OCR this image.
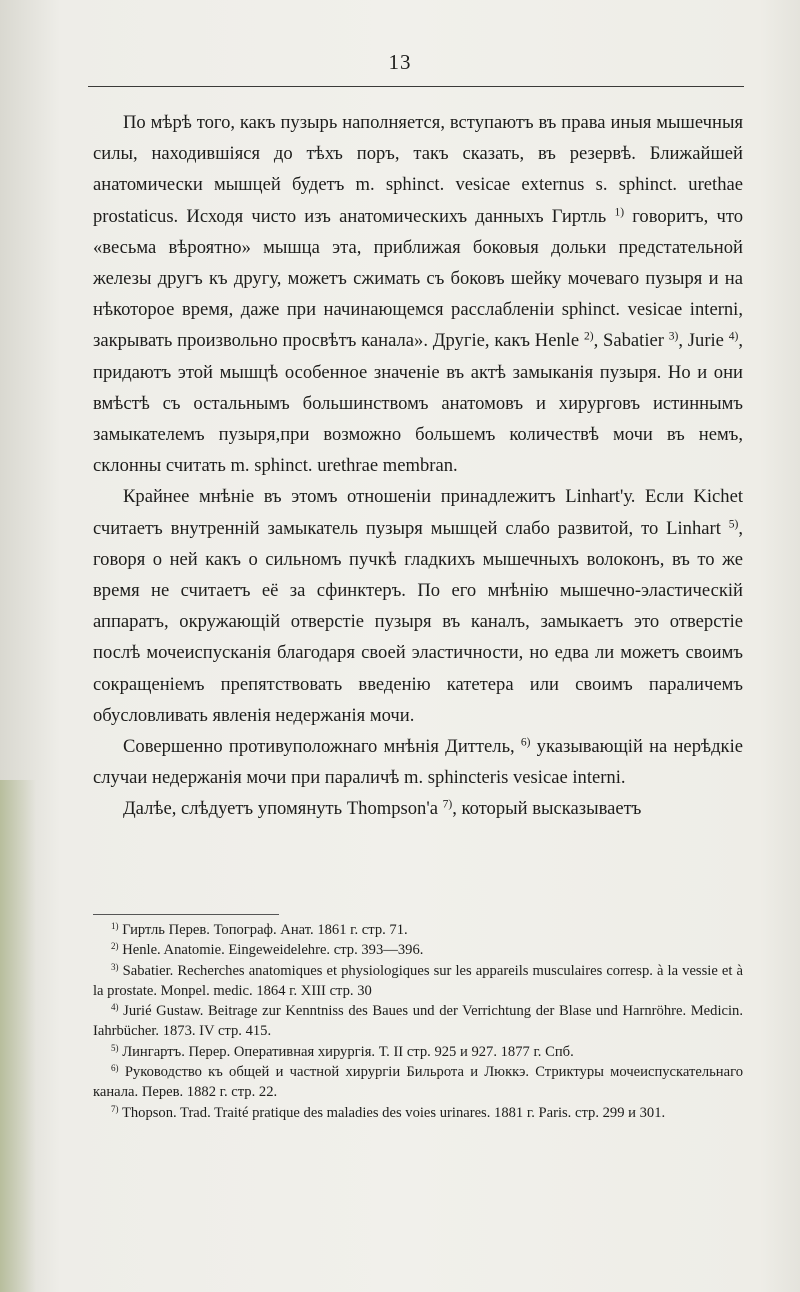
13

По мѣрѣ того, какъ пузырь наполняется, вступаютъ въ права иныя мышечныя силы, находившіяся до тѣхъ поръ, такъ сказать, въ резервѣ. Ближайшей анатомически мышцей будетъ m. sphinct. vesicae externus s. sphinct. urethae prostaticus. Исходя чисто изъ анатомическихъ данныхъ Гиртль $^{1)}$ говоритъ, что «весьма вѣроятно» мышца эта, приближая боковыя дольки предстательной железы другъ къ другу, можетъ сжимать съ боковъ шейку мочеваго пузыря и на нѣкоторое время, даже при начинающемся расслабленіи sphinct. vesicae interni, закрывать произвольно просвѣтъ канала». Другіе, какъ Henle $^{2)}$, Sabatier $^{3)}$, Jurie $^{4)}$, придаютъ этой мышцѣ особенное значеніе въ актѣ замыканія пузыря. Но и они вмѣстѣ съ остальнымъ большинствомъ анатомовъ и хирурговъ истиннымъ замыкателемъ пузыря,при возможно большемъ количествѣ мочи въ немъ, склонны считать m. sphinct. urethrae membran.

Крайнее мнѣніе въ этомъ отношеніи принадлежитъ Linhart'у. Если Kichet считаетъ внутренній замыкатель пузыря мышцей слабо развитой, то Linhart $^{5)}$, говоря о ней какъ о сильномъ пучкѣ гладкихъ мышечныхъ волоконъ, въ то же время не считаетъ её за сфинктеръ. По его мнѣнію мышечно-эластическій аппаратъ, окружающій отверстіе пузыря въ каналъ, замыкаетъ это отверстіе послѣ мочеиспусканія благодаря своей эластичности, но едва ли можетъ своимъ сокращеніемъ препятствовать введенію катетера или своимъ параличемъ обусловливать явленія недержанія мочи.

Совершенно противуположнаго мнѣнія Диттель, $^{6)}$ указывающій на нерѣдкіе случаи недержанія мочи при параличѣ m. sphincteris vesicae interni.

Далѣе, слѣдуетъ упомянуть Thompson'а $^{7)}$, который высказываетъ

$^{1)}$ Гиртль Перев. Топограф. Анат. 1861 г. стр. 71.

$^{2)}$ Henle. Anatomie. Eingeweidelehre. стр. 393—396.

$^{3)}$ Sabatier. Recherches anatomiques et physiologiques sur les appareils musculaires corresp. à la vessie et à la prostate. Monpel. medic. 1864 г. XIII стр. 30

$^{4)}$ Jurié Gustaw. Beitrage zur Kenntniss des Baues und der Verrichtung der Blase und Harnröhre. Medicin. Iahrbücher. 1873. IV стр. 415.

$^{5)}$ Лингартъ. Перер. Оперативная хирургія. Т. II стр. 925 и 927. 1877 г. Спб.

$^{6)}$ Руководство къ общей и частной хирургіи Бильрота и Люккэ. Стриктуры мочеиспускательнаго канала. Перев. 1882 г. стр. 22.

$^{7)}$ Thopson. Trad. Traité pratique des maladies des voies urinares. 1881 г. Paris. стр. 299 и 301.
